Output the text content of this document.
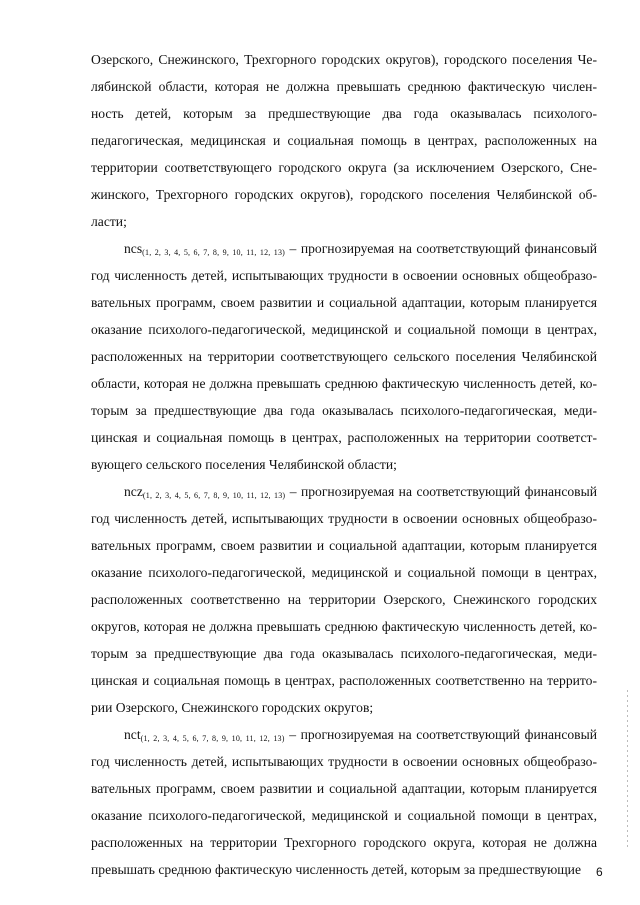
Озерского, Снежинского, Трехгорного городских округов), городского поселения Че-
лябинской области, которая не должна превышать среднюю фактическую числен-
ность детей, которым за предшествующие два года оказывалась психолого-
педагогическая, медицинская и социальная помощь в центрах, расположенных на
территории соответствующего городского округа (за исключением Озерского, Сне-
жинского, Трехгорного городских округов), городского поселения Челябинской об-
ласти;
ncs$_{(1, 2, 3, 4, 5, 6, 7, 8, 9, 10, 11, 12, 13)}$ – прогнозируемая на соответствующий финансовый
год численность детей, испытывающих трудности в освоении основных общеобразо-
вательных программ, своем развитии и социальной адаптации, которым планируется
оказание психолого-педагогической, медицинской и социальной помощи в центрах,
расположенных на территории соответствующего сельского поселения Челябинской
области, которая не должна превышать среднюю фактическую численность детей, ко-
торым за предшествующие два года оказывалась психолого-педагогическая, меди-
цинская и социальная помощь в центрах, расположенных на территории соответст-
вующего сельского поселения Челябинской области;
ncz$_{(1, 2, 3, 4, 5, 6, 7, 8, 9, 10, 11, 12, 13)}$ – прогнозируемая на соответствующий финансовый
год численность детей, испытывающих трудности в освоении основных общеобразо-
вательных программ, своем развитии и социальной адаптации, которым планируется
оказание психолого-педагогической, медицинской и социальной помощи в центрах,
расположенных соответственно на территории Озерского, Снежинского городских
округов, которая не должна превышать среднюю фактическую численность детей, ко-
торым за предшествующие два года оказывалась психолого-педагогическая, меди-
цинская и социальная помощь в центрах, расположенных соответственно на террито-
рии Озерского, Снежинского городских округов;
nct$_{(1, 2, 3, 4, 5, 6, 7, 8, 9, 10, 11, 12, 13)}$ – прогнозируемая на соответствующий финансовый
год численность детей, испытывающих трудности в освоении основных общеобразо-
вательных программ, своем развитии и социальной адаптации, которым планируется
оказание психолого-педагогической, медицинской и социальной помощи в центрах,
расположенных на территории Трехгорного городского округа, которая не должна
превышать среднюю фактическую численность детей, которым за предшествующие 6
